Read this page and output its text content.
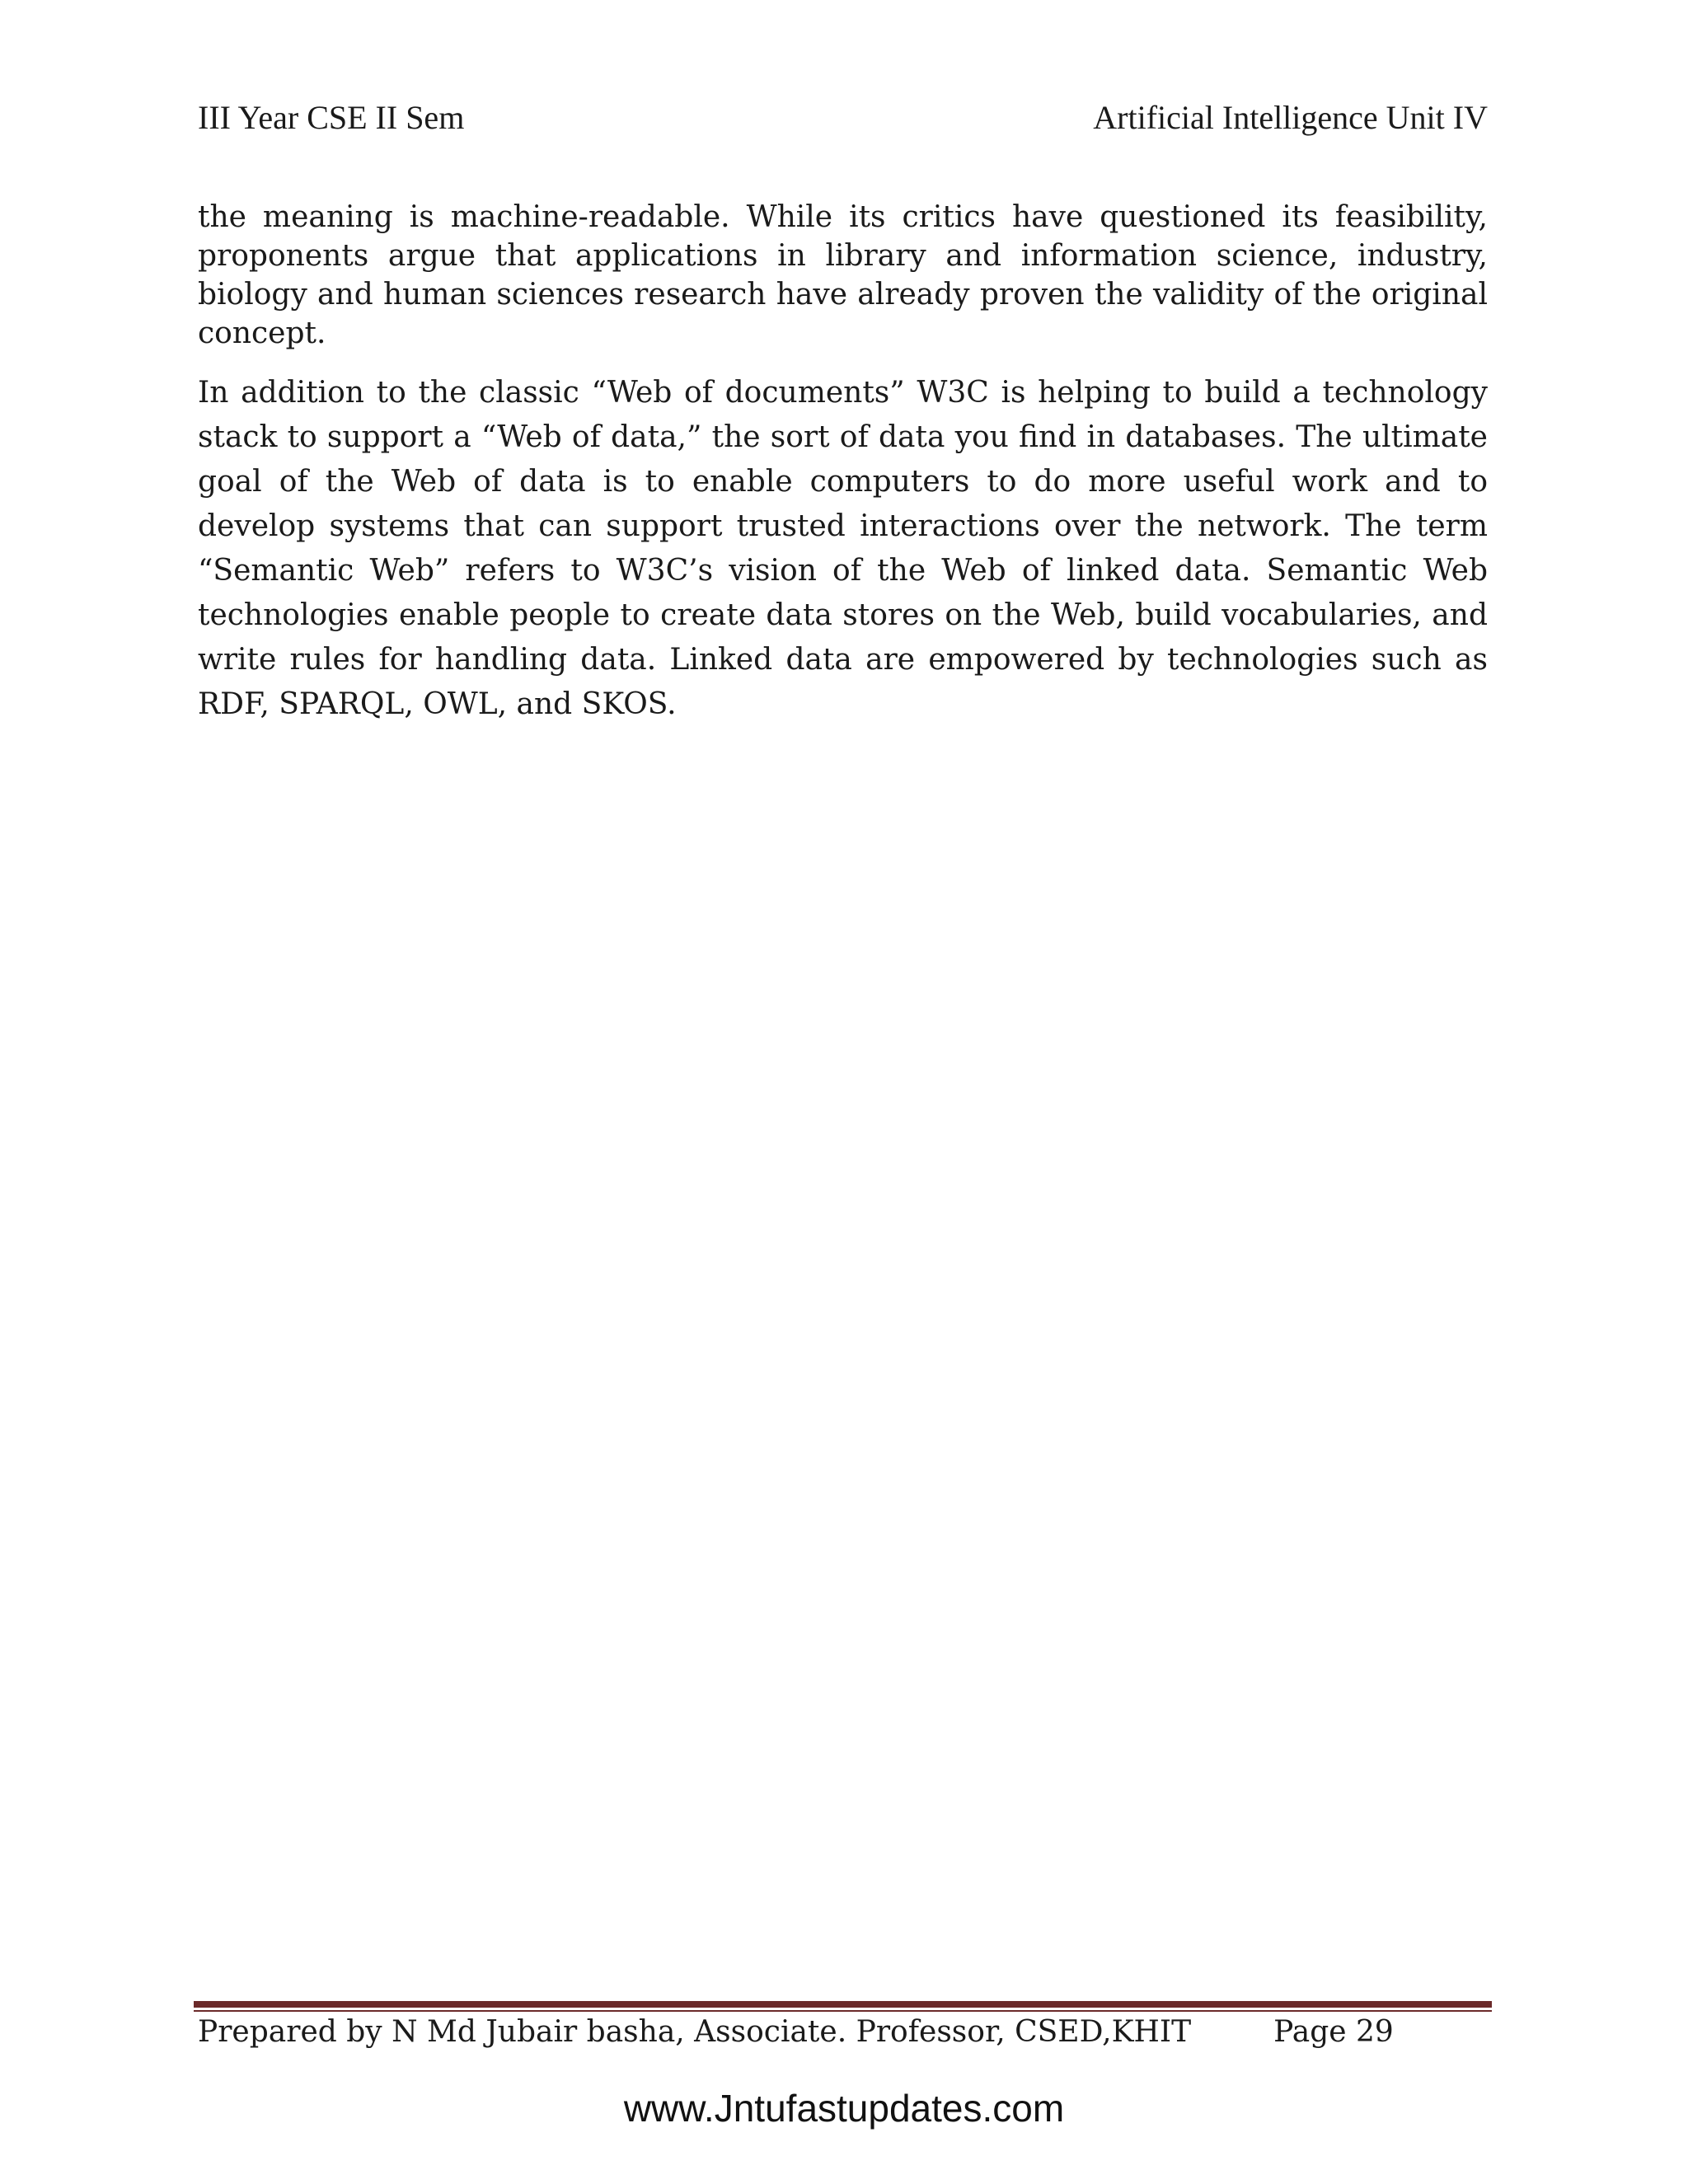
III Year CSE II Sem	Artificial Intelligence Unit IV

the meaning is machine-readable. While its critics have questioned its feasibility, proponents argue that applications in library and information science, industry, biology and human sciences research have already proven the validity of the original concept.

In addition to the classic “Web of documents” W3C is helping to build a technology stack to support a “Web of data,” the sort of data you find in databases. The ultimate goal of the Web of data is to enable computers to do more useful work and to develop systems that can support trusted interactions over the network. The term “Semantic Web” refers to W3C’s vision of the Web of linked data. Semantic Web technologies enable people to create data stores on the Web, build vocabularies, and write rules for handling data. Linked data are empowered by technologies such as RDF, SPARQL, OWL, and SKOS.

Prepared by N Md Jubair basha, Associate. Professor, CSED,KHIT	Page 29
www.Jntufastupdates.com
